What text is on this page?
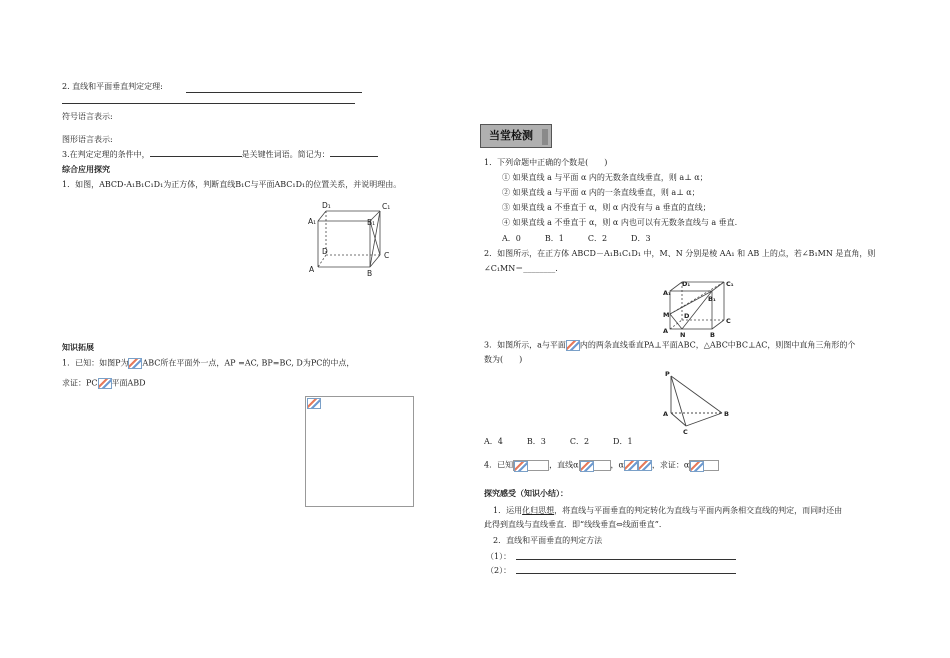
2. 直线和平面垂直判定定理:
符号语言表示:
图形语言表示:
3.在判定定理的条件中，	是关键性词语。简记为：
综合应用探究
1．如图，ABCD-A₁B₁C₁D₁为正方体，判断直线B₁C与平面ABC₁D₁的位置关系，并说明理由。
D₁	C₁
A₁	B₁
D	C
A	B
知识拓展
1．已知：如图P为 ABC所在平面外一点，AP =AC, BP=BC, D为PC的中点，
求证：PC 平面ABD
当堂检测
1．下列命题中正确的个数是(　　)
① 如果直线 a 与平面 α 内的无数条直线垂直，则 a⊥ α；
② 如果直线 a 与平面 α 内的一条直线垂直，则 a⊥ α；
③ 如果直线 a 不垂直于 α，则 α 内没有与 a 垂直的直线；
④ 如果直线 a 不垂直于 α，则 α 内也可以有无数条直线与 a 垂直.
A．0　　　B．1　　　C．2　　　D．3
2．如图所示，在正方体 ABCD－A₁B₁C₁D₁ 中，M、N 分别是棱 AA₁ 和 AB 上的点，若∠B₁MN 是直角，则
∠C₁MN＝________.
D₁	C₁
A₁
B₁
M D
C
A N	B
3．如图所示，a与平面 内的两条直线垂直PA⊥平面ABC，△ABC中BC⊥AC，则图中直角三角形的个
数为(　　)
P
A	B
C
A．4　　　B．3　　　C．2　　　D．1
4．已知	，直线α	，α	，求证：α
探究感受（知识小结）：
1．运用化归思想，将直线与平面垂直的判定转化为直线与平面内两条相交直线的判定，而同时还由
此得到直线与直线垂直．即“线线垂直⇔线面垂直”．
2．直线和平面垂直的判定方法
（1）：
（2）：
